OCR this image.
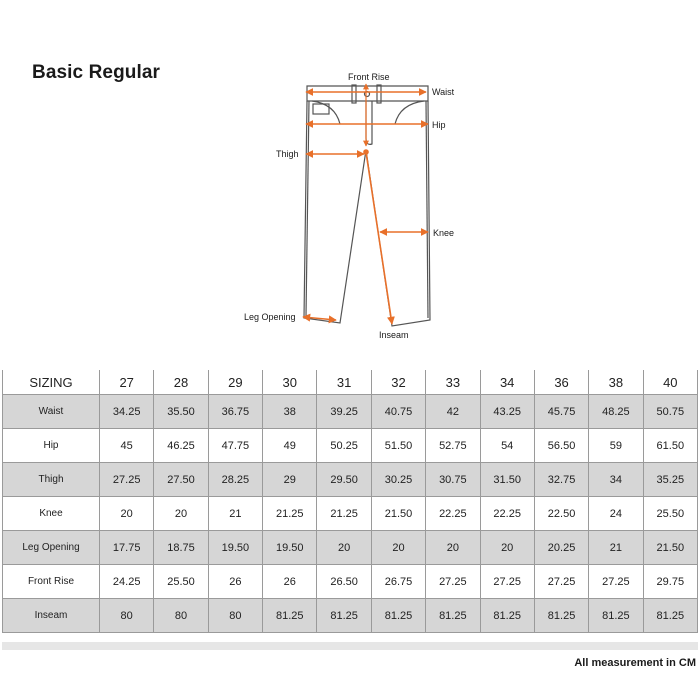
Basic Regular	Front Rise
Waist
Hip
Thigh
Knee
Leg Opening
Inseam
SIZING	27	28	29	30	31	32	33	34	36	38	40
Waist	34.25	35.50	36.75	38	39.25	40.75	42	43.25	45.75	48.25	50.75
Hip	45	46.25	47.75	49	50.25	51.50	52.75	54	56.50	59	61.50
Thigh	27.25	27.50	28.25	29	29.50	30.25	30.75	31.50	32.75	34	35.25
Knee	20	20	21	21.25	21.25	21.50	22.25	22.25	22.50	24	25.50
Leg Opening	17.75	18.75	19.50	19.50	20	20	20	20	20.25	21	21.50
Front Rise	24.25	25.50	26	26	26.50	26.75	27.25	27.25	27.25	27.25	29.75
Inseam	80	80	80	81.25	81.25	81.25	81.25	81.25	81.25	81.25	81.25
All measurement in CM
